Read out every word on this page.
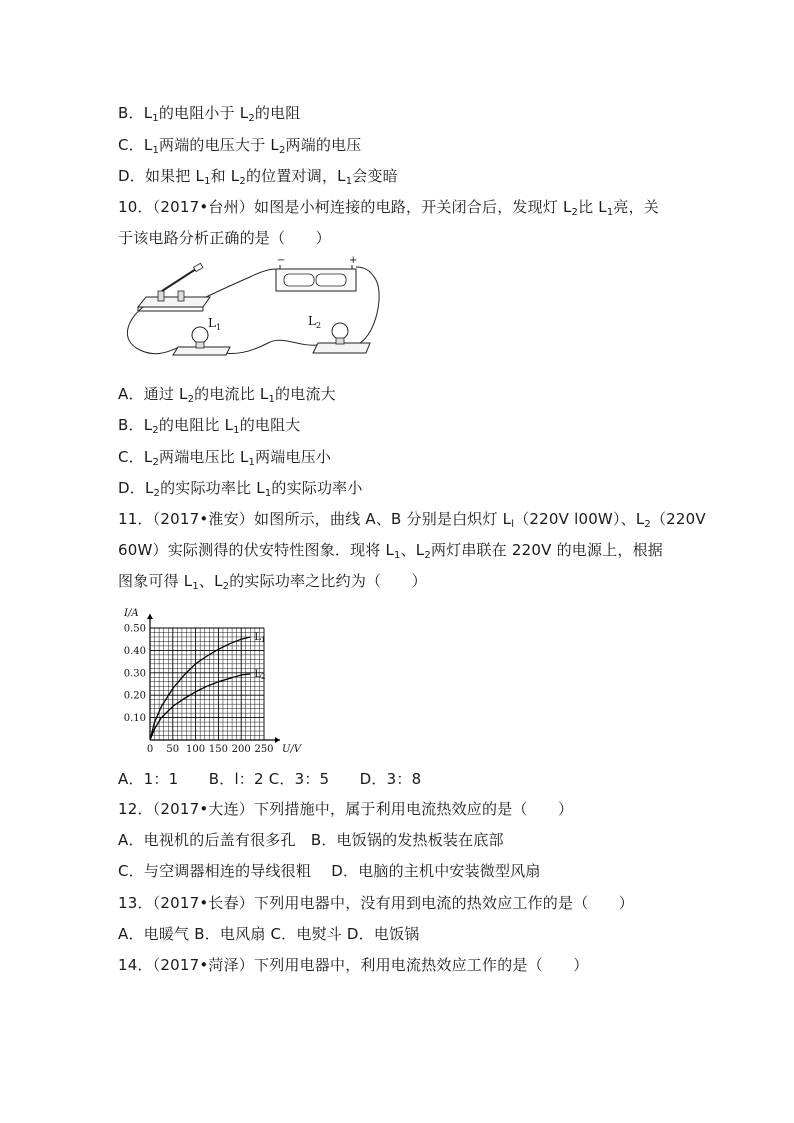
B．$L_1$的电阻小于 $L_2$的电阻
C．$L_1$两端的电压大于 $L_2$两端的电压
D．如果把 $L_1$和 $L_2$的位置对调，$L_1$会变暗
10．（2017•台州）如图是小柯连接的电路，开关闭合后，发现灯 $L_2$比 $L_1$亮，关
于该电路分析正确的是（　　）
−	+
$L_1$	$L_2$
A．通过 $L_2$的电流比 $L_1$的电流大
B．$L_2$的电阻比 $L_1$的电阻大
C．$L_2$两端电压比 $L_1$两端电压小
D．$L_2$的实际功率比 $L_1$的实际功率小
11．（2017•淮安）如图所示，曲线 A、B 分别是白炽灯 $L_l(220V$ l00W）、$L_2(220V$
60W）实际测得的伏安特性图象．现将 $L_1$、$L_2$两灯串联在 220V 的电源上，根据
图象可得 $L_1$、$L_2$的实际功率之比约为（　　）
I/A
U/V
0.50
0.40
0.30
0.20
0.10
0 50 100 150 200 250
$L_1$
$L_2$
A．1：1　　B．l：2 C．3：5　　D．3：8
12．（2017•大连）下列措施中，属于利用电流热效应的是（　　）
A．电视机的后盖有很多孔　B．电饭锅的发热板装在底部
C．与空调器相连的导线很粗　 D．电脑的主机中安装微型风扇
13．（2017•长春）下列用电器中，没有用到电流的热效应工作的是（　　）
A．电暖气 B．电风扇 C．电熨斗 D．电饭锅
14．（2017•菏泽）下列用电器中，利用电流热效应工作的是（　　）
